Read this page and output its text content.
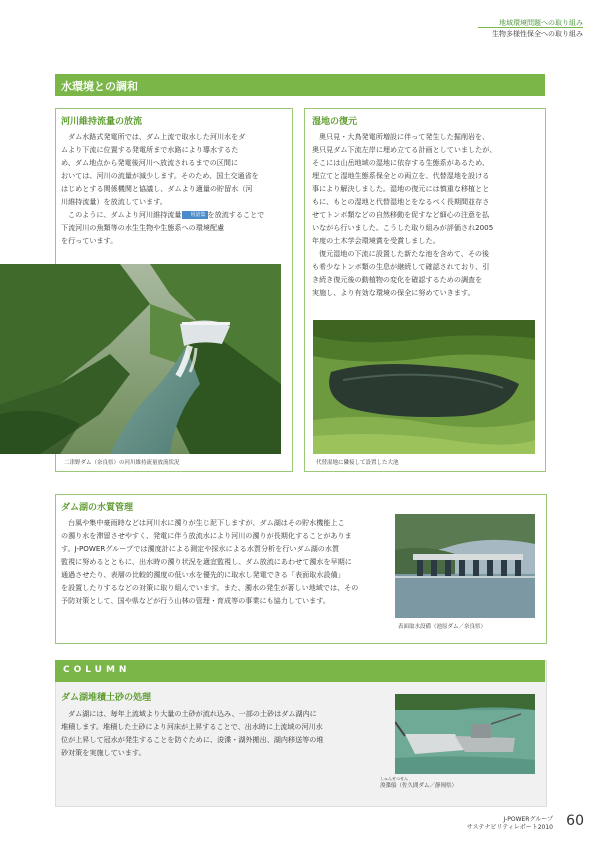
地域環境問題への取り組み
生物多様性保全への取り組み
水環境との調和
河川維持流量の放流
ダム水路式発電所では、ダム上流で取水した河川水をダ
ムより下流に位置する発電所まで水路により導水するた
め、ダム地点から発電後河川へ放流されるまでの区間に
おいては、河川の流量が減少します。そのため、国土交通省を
はじめとする関係機関と協議し、ダムより適量の貯留水（河
川維持流量）を放流しています。
このように、ダムより河川維持流量 用語集 を放流することで
下流河川の魚類等の水生生物や生態系への環境配慮
を行っています。
二津野ダム（奈良県）の河川維持流量放流状況
湿地の復元
奥只見・大鳥発電所増設に伴って発生した掘削岩を、
奥只見ダム下流左岸に埋め立てる計画としていましたが、
そこには山岳地域の湿地に依存する生態系があるため、
埋立てと湿地生態系保全との両立を、代替湿地を設ける
事により解決しました。湿地の復元には慎重な移植とと
もに、もとの湿地と代替湿地とをなるべく長期間並存さ
せてトンボ類などの自然移動を促すなど細心の注意を払
いながら行いました。こうした取り組みが評価され2005
年度の土木学会環境賞を受賞しました。
復元湿地の下流に設置した新たな池を含めて、その後
も希少なトンボ類の生息が継続して確認されており、引
き続き復元後の動植物の変化を確認するための調査を
実施し、より有効な環境の保全に努めていきます。
代替湿地に隣接して設置した大池
ダム湖の水質管理
台風や集中豪雨時などは河川水に濁りが生じ泥下しますが、ダム湖はその貯水機能上こ
の濁り水を滞留させやすく、発電に伴う放流水により河川の濁りが長期化することがありま
す。J-POWERグループでは濁度計による測定や採水による水質分析を行いダム湖の水質
監視に努めるとともに、出水時の濁り状況を適宜監視し、ダム放流にあわせて濁水を早期に
通過させたり、表層の比較的濁度の低い水を優先的に取水し発電できる「表面取水設備」
を設置したりするなどの対策に取り組んでいます。また、濁水の発生が著しい地域では、その
予防対策として、国や県などが行う山林の管理・育成等の事業にも協力しています。
表面取水設備（池原ダム／奈良県）
COLUMN
ダム湖堆積土砂の処理
ダム湖には、毎年上流域より大量の土砂が流れ込み、一部の土砂はダム湖内に
堆積します。堆積した土砂により河床が上昇することで、出水時に上流域の河川水
位が上昇して冠水が発生することを防ぐために、浚渫・湖外搬出、湖内移送等の堆
砂対策を実施しています。
しゅんせつせん
浚渫船（佐久間ダム／静岡県）
J-POWERグループ
サステナビリティレポート2010 60
